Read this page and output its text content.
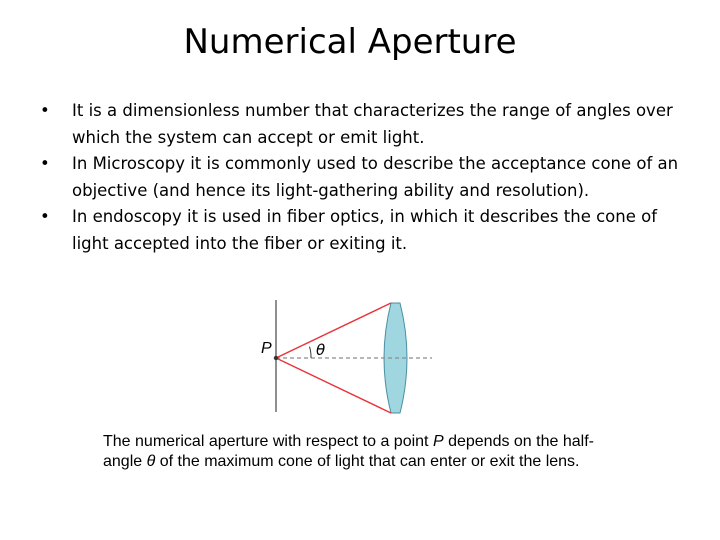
Numerical Aperture
•	It is a dimensionless number that characterizes the range of angles over which the system can accept or emit light.
•	In Microscopy it is commonly used to describe the acceptance cone of an objective (and hence its light-gathering ability and resolution).
•	In endoscopy it is used in fiber optics, in which it describes the cone of light accepted into the fiber or exiting it.
P	θ
The numerical aperture with respect to a point P depends on the half-angle θ of the maximum cone of light that can enter or exit the lens.
